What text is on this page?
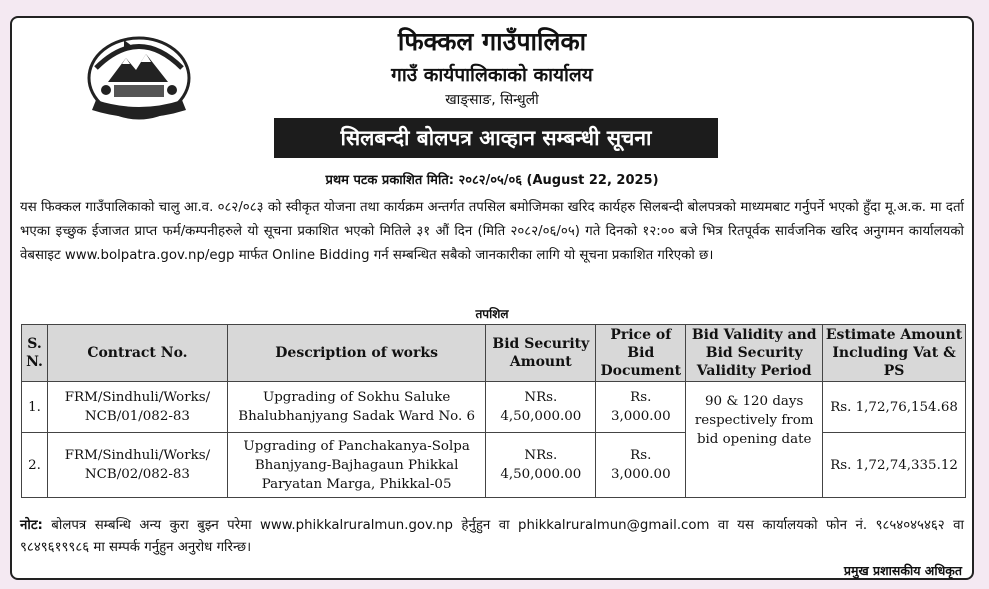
फिक्कल गाउँपालिका
गाउँ कार्यपालिकाको कार्यालय
खाङ्साङ, सिन्धुली
सिलबन्दी बोलपत्र आव्हान सम्बन्धी सूचना
प्रथम पटक प्रकाशित मिति: २०८२/०५/०६ (August 22, 2025)
यस फिक्कल गाउँपालिकाको चालु आ.व. ०८२/०८३ को स्वीकृत योजना तथा कार्यक्रम अन्तर्गत तपसिल बमोजिमका खरिद कार्यहरु सिलबन्दी बोलपत्रको माध्यमबाट गर्नुपर्ने भएको हुँदा मू.अ.क. मा दर्ता भएका इच्छुक ईजाजत प्राप्त फर्म/कम्पनीहरुले यो सूचना प्रकाशित भएको मितिले ३१ औं दिन (मिति २०८२/०६/०५) गते दिनको १२:०० बजे भित्र रितपूर्वक सार्वजनिक खरिद अनुगमन कार्यालयको वेबसाइट www.bolpatra.gov.np/egp मार्फत Online Bidding गर्न सम्बन्धित सबैको जानकारीका लागि यो सूचना प्रकाशित गरिएको छ।
तपशिल
S. N.	Contract No.	Description of works	Bid Security Amount	Price of Bid Document	Bid Validity and Bid Security Validity Period	Estimate Amount Including Vat & PS
1.	FRM/Sindhuli/Works/ NCB/01/082-83	Upgrading of Sokhu Saluke Bhalubhanjyang Sadak Ward No. 6	NRs. 4,50,000.00	Rs. 3,000.00	90 & 120 days respectively from bid opening date	Rs. 1,72,76,154.68
2.	FRM/Sindhuli/Works/ NCB/02/082-83	Upgrading of Panchakanya-Solpa Bhanjyang-Bajhagaun Phikkal Paryatan Marga, Phikkal-05	NRs. 4,50,000.00	Rs. 3,000.00		Rs. 1,72,74,335.12
नोट: बोलपत्र सम्बन्धि अन्य कुरा बुझ्न परेमा www.phikkalruralmun.gov.np हेर्नुहुन वा phikkalruralmun@gmail.com वा यस कार्यालयको फोन नं. ९८५४०४५४६२ वा ९८४९६१९९८६ मा सम्पर्क गर्नुहुन अनुरोध गरिन्छ।
प्रमुख प्रशासकीय अधिकृत
